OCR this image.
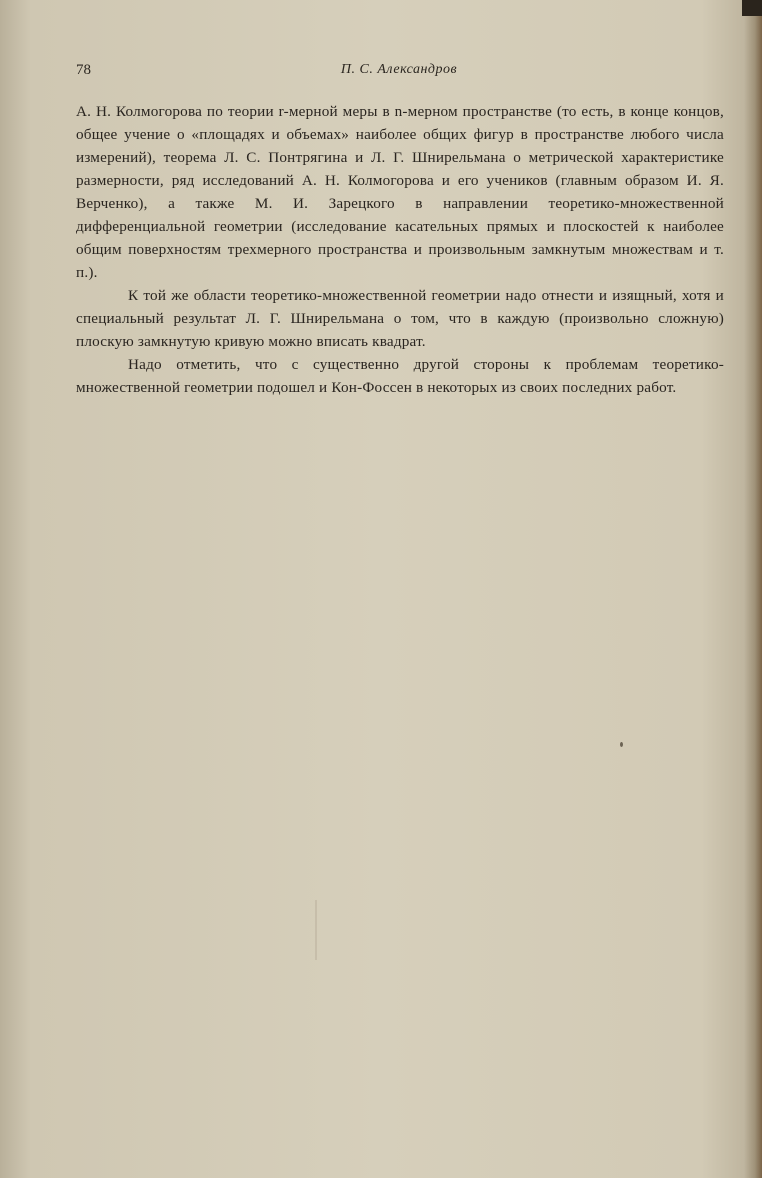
78	П. С. Александров

А. Н. Колмогорова по теории r-мерной меры в n-мерном пространстве (то есть, в конце концов, общее учение о «площадях и объемах» наиболее общих фигур в пространстве любого числа измерений), теорема Л. С. Понтрягина и Л. Г. Шнирельмана о метрической характеристике размерности, ряд исследований А. Н. Колмогорова и его учеников (главным образом И. Я. Верченко), а также М. И. Зарецкого в направлении теоретико-множественной дифференциальной геометрии (исследование касательных прямых и плоскостей к наиболее общим поверхностям трехмерного пространства и произвольным замкнутым множествам и т. п.).

К той же области теоретико-множественной геометрии надо отнести и изящный, хотя и специальный результат Л. Г. Шнирельмана о том, что в каждую (произвольно сложную) плоскую замкнутую кривую можно вписать квадрат.

Надо отметить, что с существенно другой стороны к проблемам теоретико-множественной геометрии подошел и Кон-Фоссен в некоторых из своих последних работ.
